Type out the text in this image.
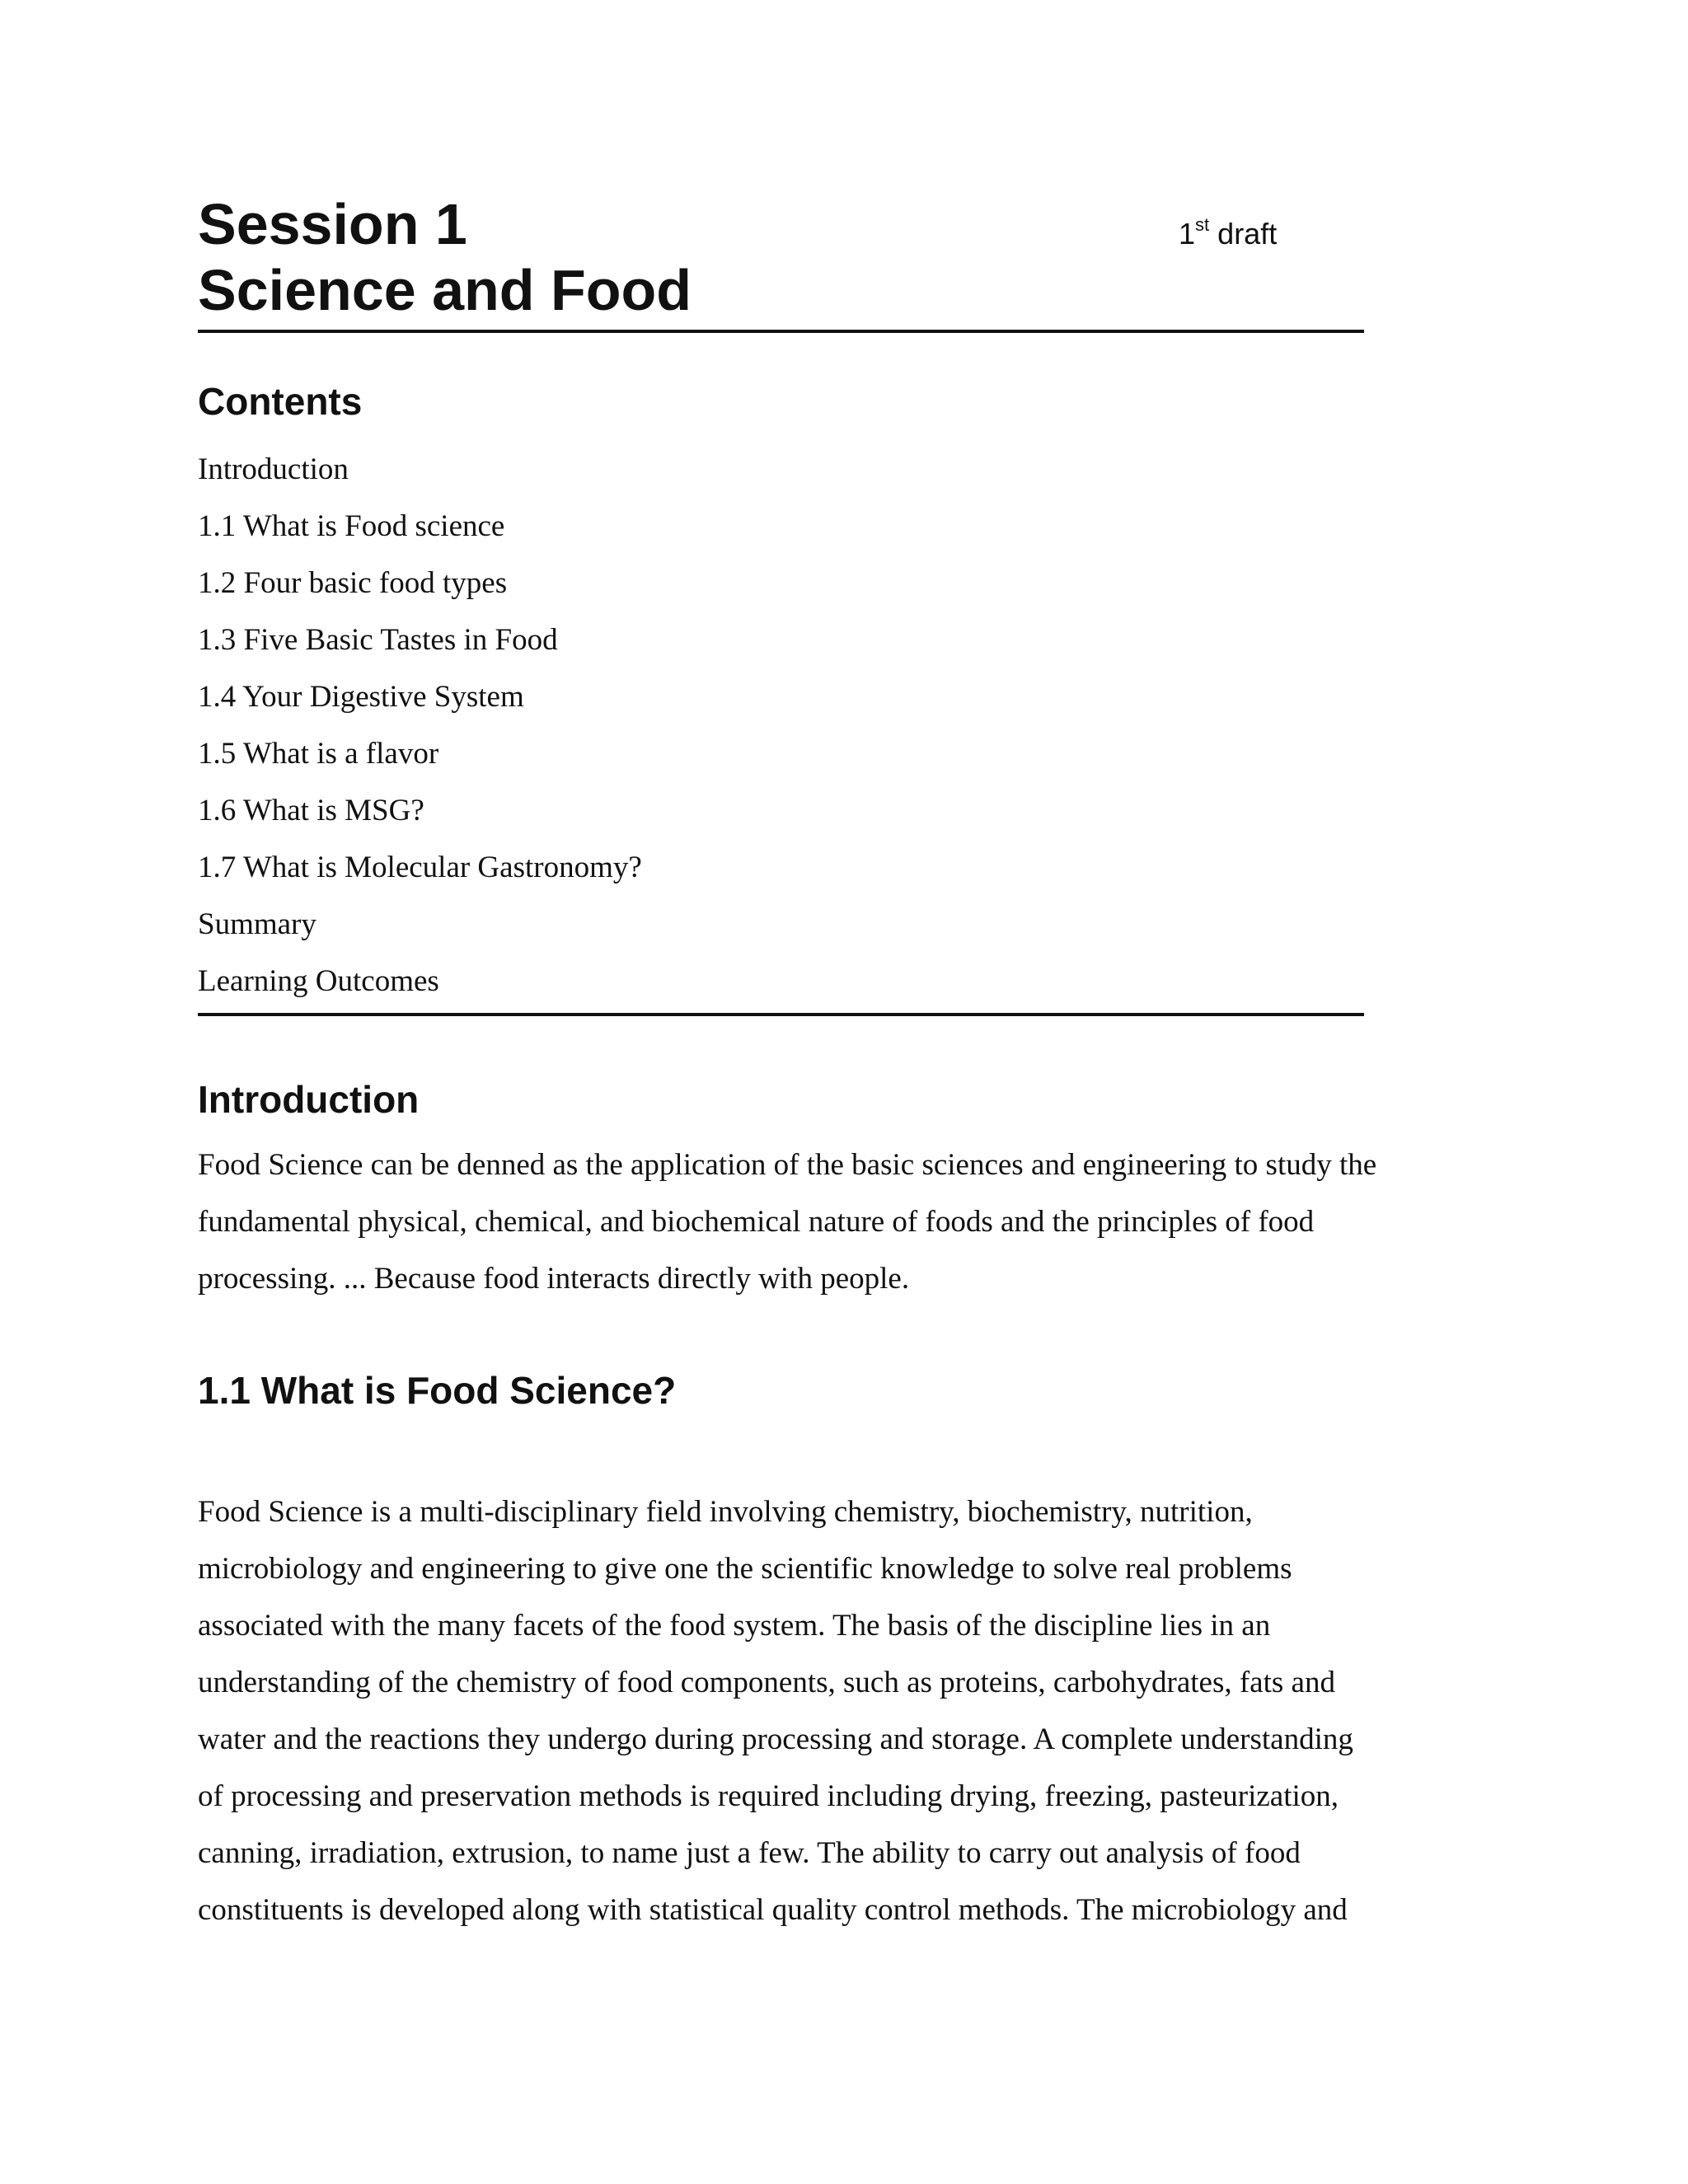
Session 1
Science and Food
1st draft
Contents
Introduction
1.1 What is Food science
1.2 Four basic food types
1.3 Five Basic Tastes in Food
1.4 Your Digestive System
1.5 What is a flavor
1.6 What is MSG?
1.7 What is Molecular Gastronomy?
Summary
Learning Outcomes
Introduction

Food Science can be denned as the application of the basic sciences and engineering to study the
fundamental physical, chemical, and biochemical nature of foods and the principles of food
processing. ... Because food interacts directly with people.

1.1 What is Food Science?

Food Science is a multi-disciplinary field involving chemistry, biochemistry, nutrition,
microbiology and engineering to give one the scientific knowledge to solve real problems
associated with the many facets of the food system. The basis of the discipline lies in an
understanding of the chemistry of food components, such as proteins, carbohydrates, fats and
water and the reactions they undergo during processing and storage. A complete understanding
of processing and preservation methods is required including drying, freezing, pasteurization,
canning, irradiation, extrusion, to name just a few. The ability to carry out analysis of food
constituents is developed along with statistical quality control methods. The microbiology and
